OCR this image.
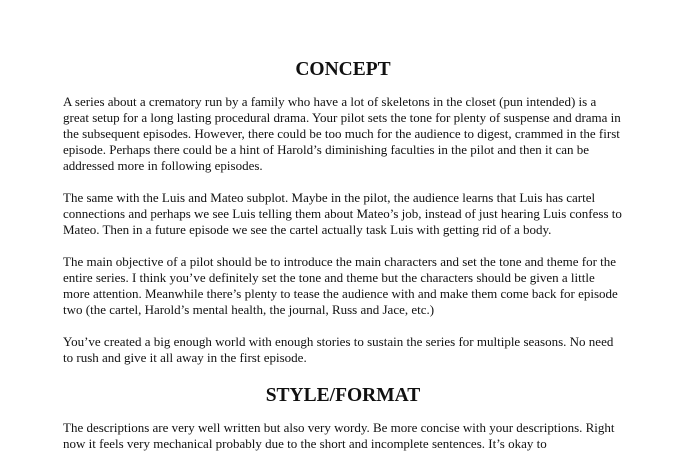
CONCEPT

A series about a crematory run by a family who have a lot of skeletons in the closet (pun intended) is a great setup for a long lasting procedural drama. Your pilot sets the tone for plenty of suspense and drama in the subsequent episodes. However, there could be too much for the audience to digest, crammed in the first episode. Perhaps there could be a hint of Harold’s diminishing faculties in the pilot and then it can be addressed more in following episodes.

The same with the Luis and Mateo subplot. Maybe in the pilot, the audience learns that Luis has cartel connections and perhaps we see Luis telling them about Mateo’s job, instead of just hearing Luis confess to Mateo. Then in a future episode we see the cartel actually task Luis with getting rid of a body.

The main objective of a pilot should be to introduce the main characters and set the tone and theme for the entire series. I think you’ve definitely set the tone and theme but the characters should be given a little more attention. Meanwhile there’s plenty to tease the audience with and make them come back for episode two (the cartel, Harold’s mental health, the journal, Russ and Jace, etc.)

You’ve created a big enough world with enough stories to sustain the series for multiple seasons. No need to rush and give it all away in the first episode.

STYLE/FORMAT

The descriptions are very well written but also very wordy. Be more concise with your descriptions. Right now it feels very mechanical probably due to the short and incomplete sentences. It’s okay to
